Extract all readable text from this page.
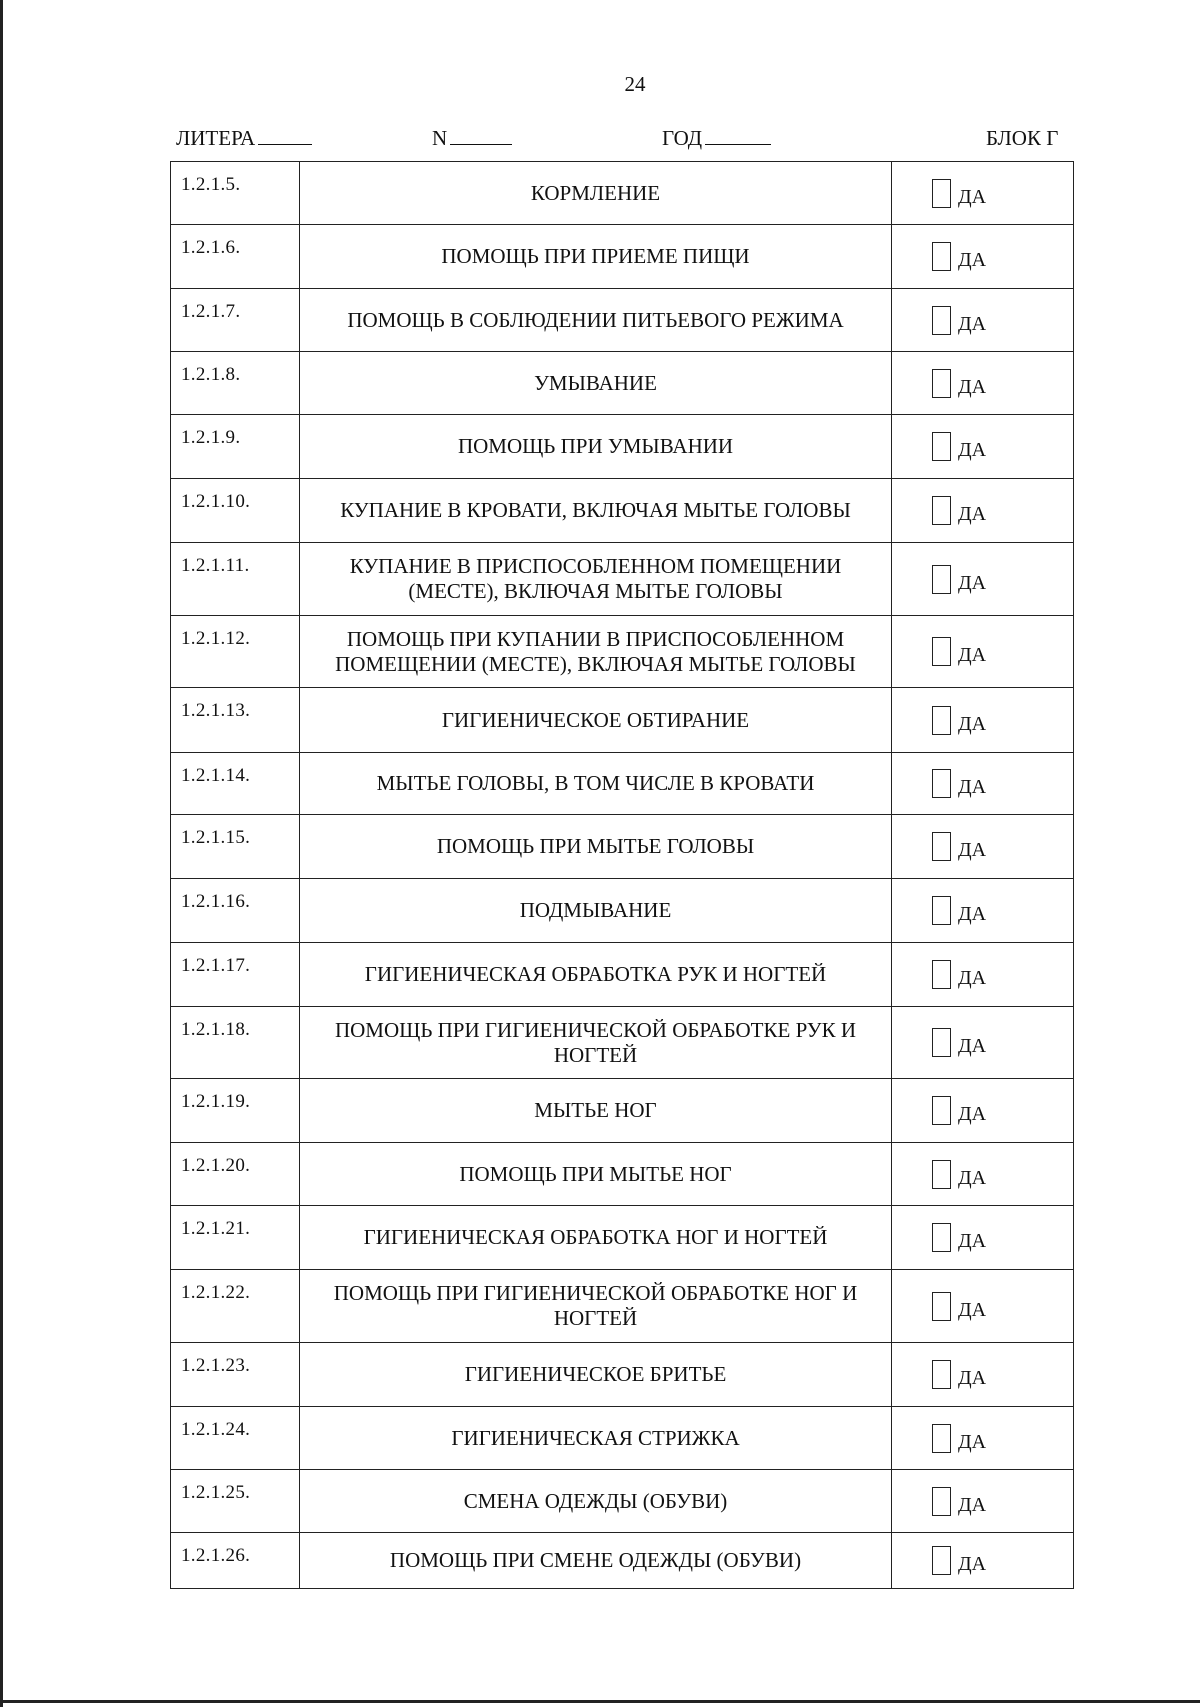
24
ЛИТЕРА	N	ГОД	БЛОК Г
1.2.1.5.	КОРМЛЕНИЕ	ДА
1.2.1.6.	ПОМОЩЬ ПРИ ПРИЕМЕ ПИЩИ	ДА
1.2.1.7.	ПОМОЩЬ В СОБЛЮДЕНИИ ПИТЬЕВОГО РЕЖИМА	ДА
1.2.1.8.	УМЫВАНИЕ	ДА
1.2.1.9.	ПОМОЩЬ ПРИ УМЫВАНИИ	ДА
1.2.1.10.	КУПАНИЕ В КРОВАТИ, ВКЛЮЧАЯ МЫТЬЕ ГОЛОВЫ	ДА
1.2.1.11.	КУПАНИЕ В ПРИСПОСОБЛЕННОМ ПОМЕЩЕНИИ (МЕСТЕ), ВКЛЮЧАЯ МЫТЬЕ ГОЛОВЫ	ДА
1.2.1.12.	ПОМОЩЬ ПРИ КУПАНИИ В ПРИСПОСОБЛЕННОМ ПОМЕЩЕНИИ (МЕСТЕ), ВКЛЮЧАЯ МЫТЬЕ ГОЛОВЫ	ДА
1.2.1.13.	ГИГИЕНИЧЕСКОЕ ОБТИРАНИЕ	ДА
1.2.1.14.	МЫТЬЕ ГОЛОВЫ, В ТОМ ЧИСЛЕ В КРОВАТИ	ДА
1.2.1.15.	ПОМОЩЬ ПРИ МЫТЬЕ ГОЛОВЫ	ДА
1.2.1.16.	ПОДМЫВАНИЕ	ДА
1.2.1.17.	ГИГИЕНИЧЕСКАЯ ОБРАБОТКА РУК И НОГТЕЙ	ДА
1.2.1.18.	ПОМОЩЬ ПРИ ГИГИЕНИЧЕСКОЙ ОБРАБОТКЕ РУК И НОГТЕЙ	ДА
1.2.1.19.	МЫТЬЕ НОГ	ДА
1.2.1.20.	ПОМОЩЬ ПРИ МЫТЬЕ НОГ	ДА
1.2.1.21.	ГИГИЕНИЧЕСКАЯ ОБРАБОТКА НОГ И НОГТЕЙ	ДА
1.2.1.22.	ПОМОЩЬ ПРИ ГИГИЕНИЧЕСКОЙ ОБРАБОТКЕ НОГ И НОГТЕЙ	ДА
1.2.1.23.	ГИГИЕНИЧЕСКОЕ БРИТЬЕ	ДА
1.2.1.24.	ГИГИЕНИЧЕСКАЯ СТРИЖКА	ДА
1.2.1.25.	СМЕНА ОДЕЖДЫ (ОБУВИ)	ДА
1.2.1.26.	ПОМОЩЬ ПРИ СМЕНЕ ОДЕЖДЫ (ОБУВИ)	ДА
